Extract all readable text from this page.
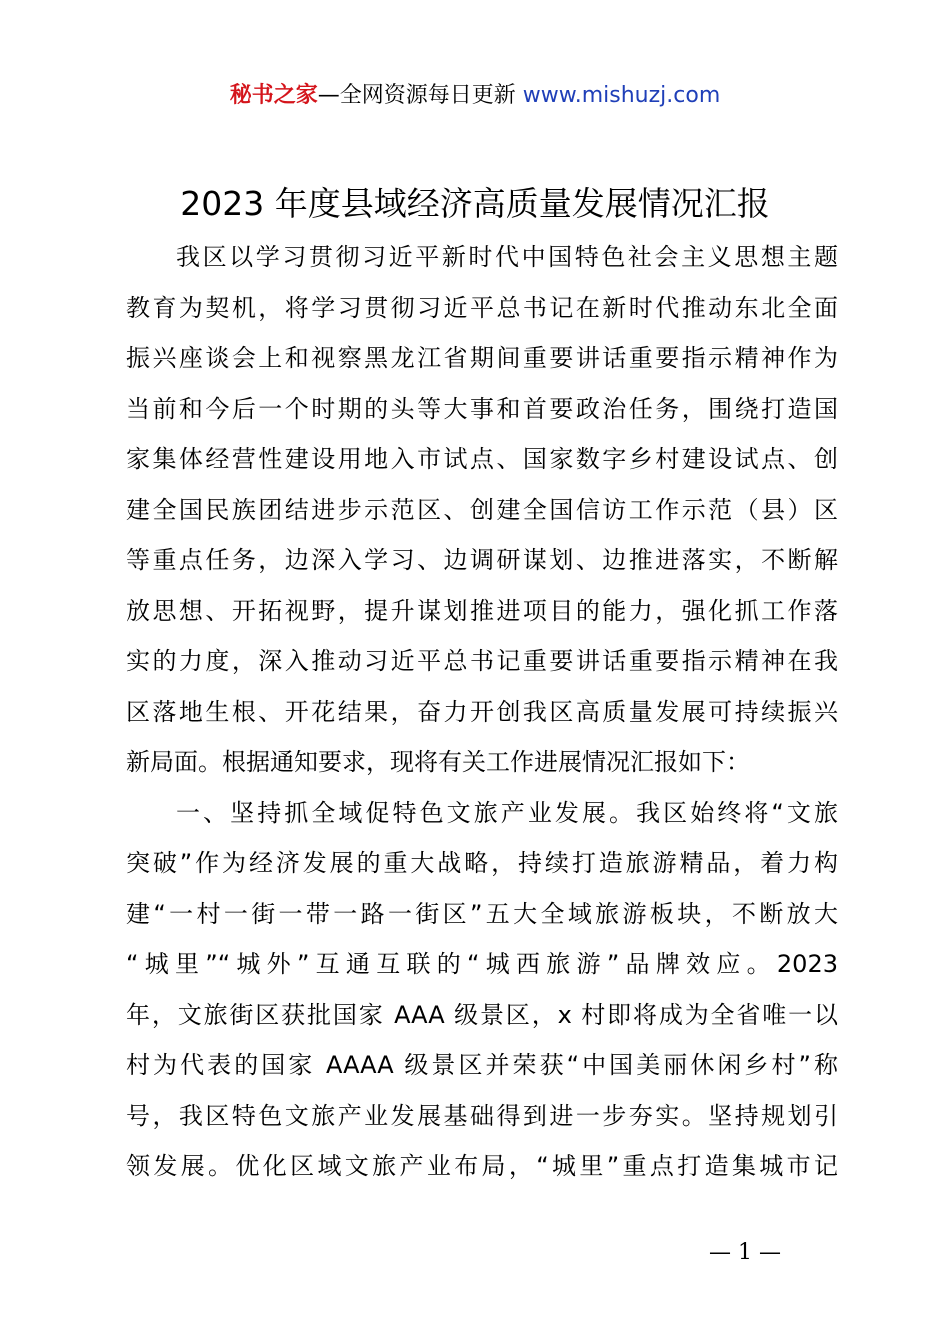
秘书之家—全网资源每日更新 www.mishuzj.com
2023 年度县域经济高质量发展情况汇报
我区以学习贯彻习近平新时代中国特色社会主义思想主题
教育为契机，将学习贯彻习近平总书记在新时代推动东北全面
振兴座谈会上和视察黑龙江省期间重要讲话重要指示精神作为
当前和今后一个时期的头等大事和首要政治任务，围绕打造国
家集体经营性建设用地入市试点、国家数字乡村建设试点、创
建全国民族团结进步示范区、创建全国信访工作示范（县）区
等重点任务，边深入学习、边调研谋划、边推进落实，不断解
放思想、开拓视野，提升谋划推进项目的能力，强化抓工作落
实的力度，深入推动习近平总书记重要讲话重要指示精神在我
区落地生根、开花结果，奋力开创我区高质量发展可持续振兴
新局面。根据通知要求，现将有关工作进展情况汇报如下：
一、坚持抓全域促特色文旅产业发展。我区始终将“文旅
突破”作为经济发展的重大战略，持续打造旅游精品，着力构
建“一村一街一带一路一街区”五大全域旅游板块，不断放大
“城里”“城外”互通互联的“城西旅游”品牌效应。2023
年，文旅街区获批国家 AAA 级景区，x 村即将成为全省唯一以
村为代表的国家 AAAA 级景区并荣获“中国美丽休闲乡村”称
号，我区特色文旅产业发展基础得到进一步夯实。坚持规划引
领发展。优化区域文旅产业布局，“城里”重点打造集城市记
— 1 —
